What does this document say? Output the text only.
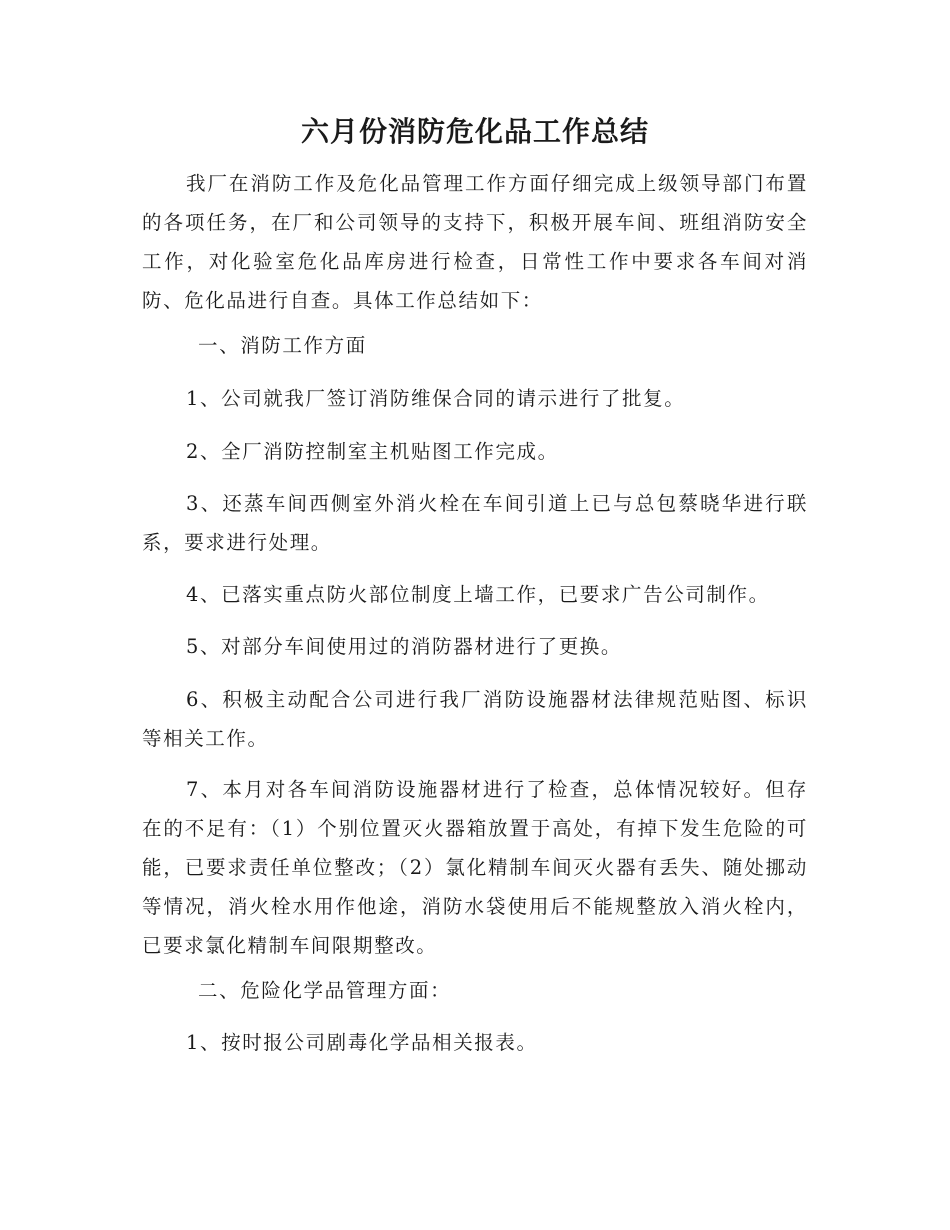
六月份消防危化品工作总结

我厂在消防工作及危化品管理工作方面仔细完成上级领导部门布置的各项任务，在厂和公司领导的支持下，积极开展车间、班组消防安全工作，对化验室危化品库房进行检查，日常性工作中要求各车间对消防、危化品进行自查。具体工作总结如下：

一、消防工作方面

1、公司就我厂签订消防维保合同的请示进行了批复。

2、全厂消防控制室主机贴图工作完成。

3、还蒸车间西侧室外消火栓在车间引道上已与总包蔡晓华进行联系，要求进行处理。

4、已落实重点防火部位制度上墙工作，已要求广告公司制作。

5、对部分车间使用过的消防器材进行了更换。

6、积极主动配合公司进行我厂消防设施器材法律规范贴图、标识等相关工作。

7、本月对各车间消防设施器材进行了检查，总体情况较好。但存在的不足有：（1）个别位置灭火器箱放置于高处，有掉下发生危险的可能，已要求责任单位整改；（2）氯化精制车间灭火器有丢失、随处挪动等情况，消火栓水用作他途，消防水袋使用后不能规整放入消火栓内，已要求氯化精制车间限期整改。

二、危险化学品管理方面：

1、按时报公司剧毒化学品相关报表。
